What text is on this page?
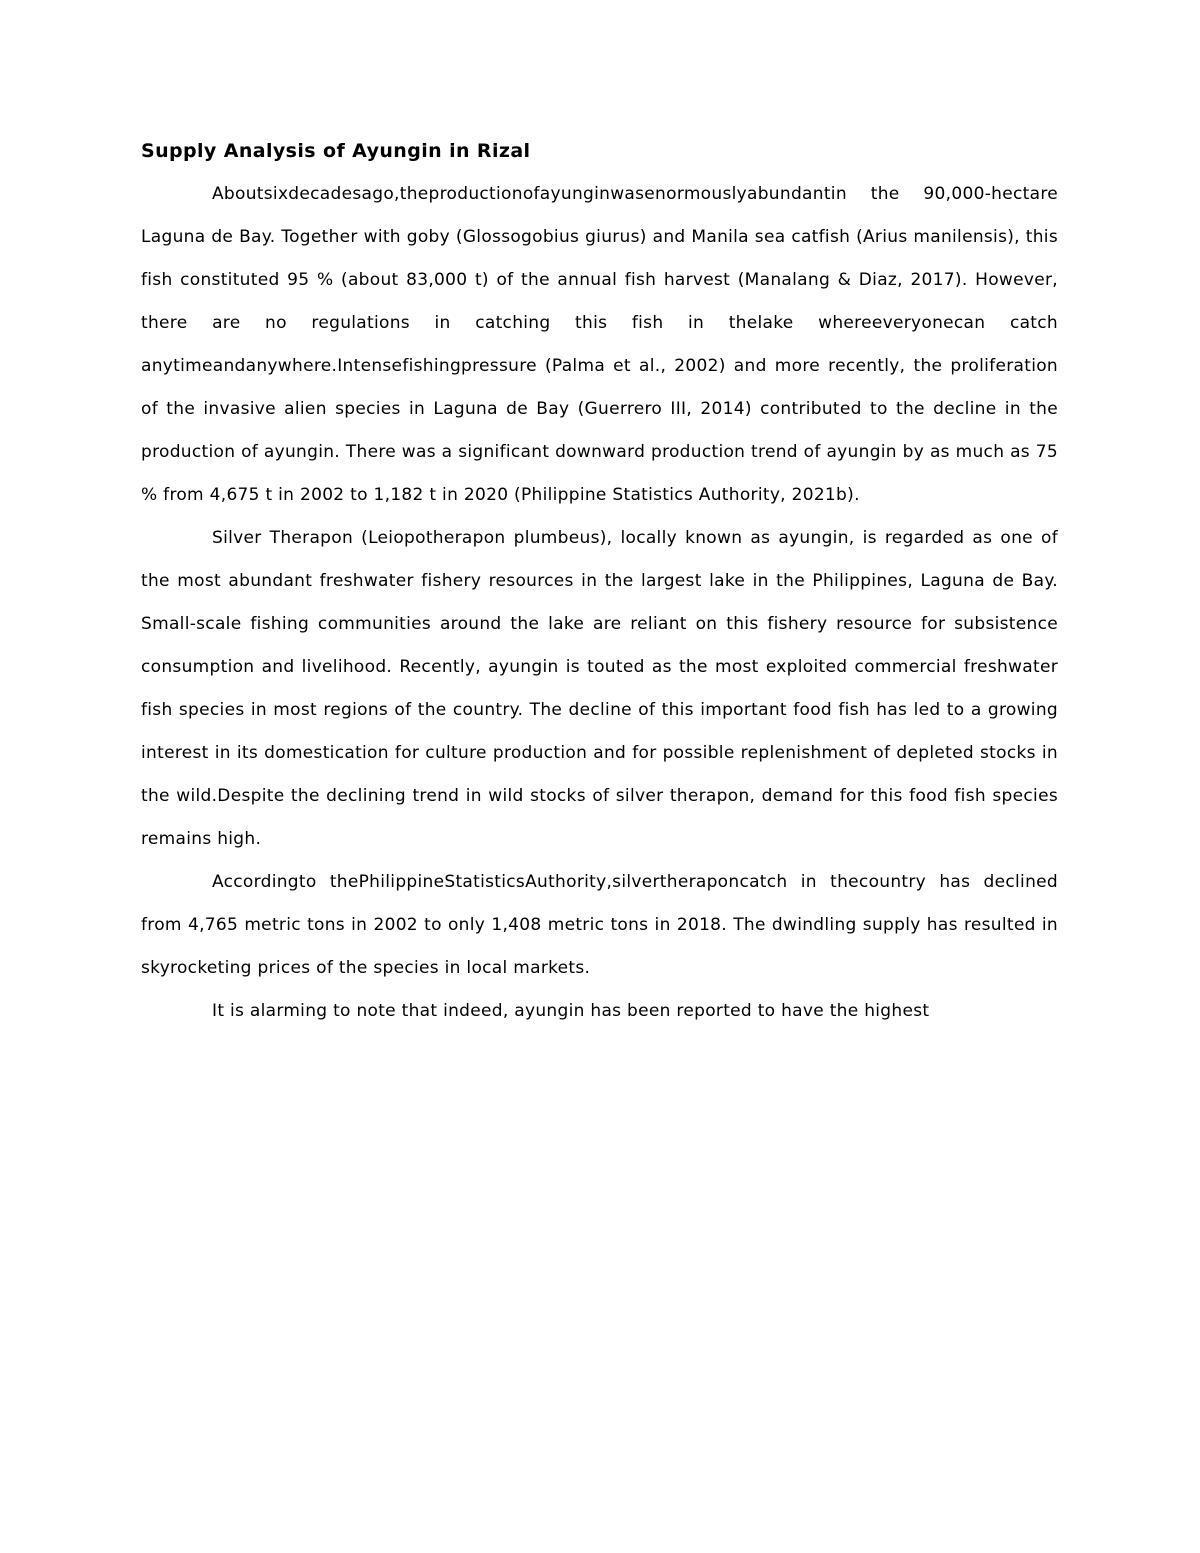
Supply Analysis of Ayungin in Rizal

Aboutsixdecadesago,theproductionofayunginwasenormouslyabundantin the 90,000-hectare Laguna de Bay. Together with goby (Glossogobius giurus) and Manila sea catfish (Arius manilensis), this fish constituted 95 % (about 83,000 t) of the annual fish harvest (Manalang & Diaz, 2017). However, there are no regulations in catching this fish in thelake whereeveryonecan catch anytimeandanywhere.Intensefishingpressure (Palma et al., 2002) and more recently, the proliferation of the invasive alien species in Laguna de Bay (Guerrero III, 2014) contributed to the decline in the production of ayungin. There was a significant downward production trend of ayungin by as much as 75 % from 4,675 t in 2002 to 1,182 t in 2020 (Philippine Statistics Authority, 2021b).

Silver Therapon (Leiopotherapon plumbeus), locally known as ayungin, is regarded as one of the most abundant freshwater fishery resources in the largest lake in the Philippines, Laguna de Bay. Small-scale fishing communities around the lake are reliant on this fishery resource for subsistence consumption and livelihood. Recently, ayungin is touted as the most exploited commercial freshwater fish species in most regions of the country. The decline of this important food fish has led to a growing interest in its domestication for culture production and for possible replenishment of depleted stocks in the wild.Despite the declining trend in wild stocks of silver therapon, demand for this food fish species remains high.

Accordingto thePhilippineStatisticsAuthority,silvertheraponcatch in thecountry has declined from 4,765 metric tons in 2002 to only 1,408 metric tons in 2018. The dwindling supply has resulted in skyrocketing prices of the species in local markets.

It is alarming to note that indeed, ayungin has been reported to have the highest
